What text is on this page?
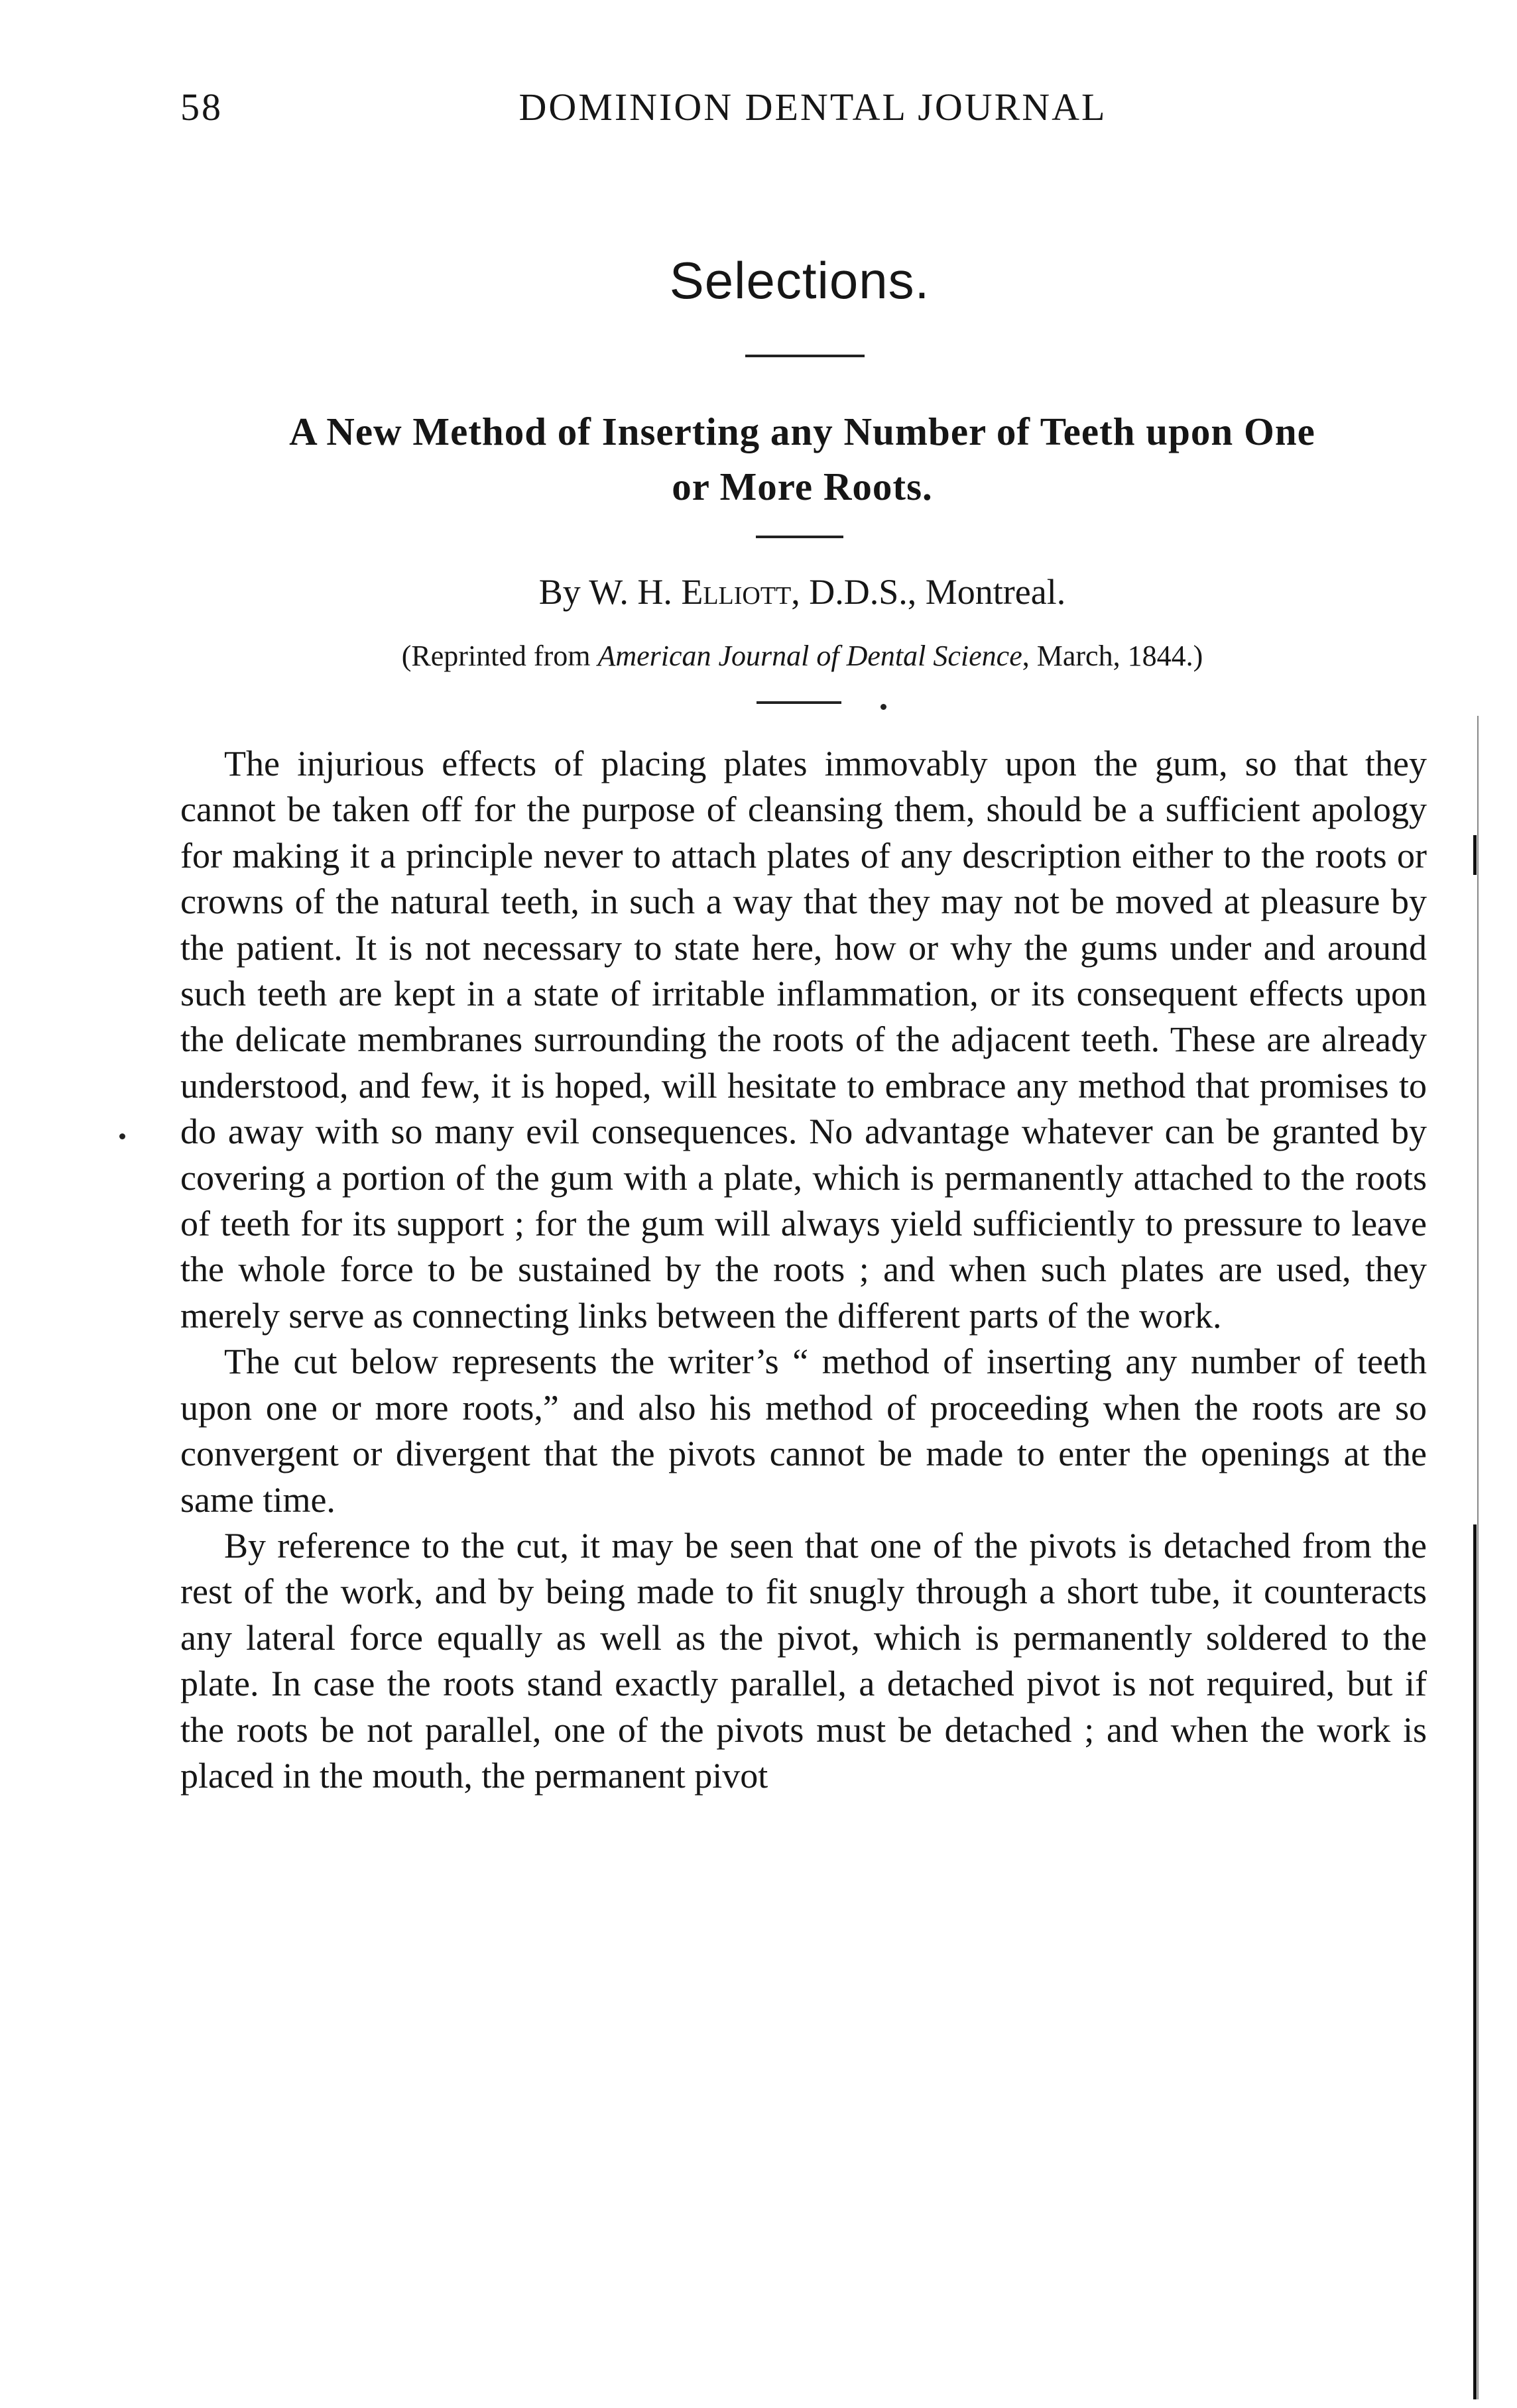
58	DOMINION DENTAL JOURNAL
Selections.
A New Method of Inserting any Number of Teeth upon One
or More Roots.
By W. H. Elliott, D.D.S., Montreal.
(Reprinted from American Journal of Dental Science, March, 1844.)

The injurious effects of placing plates immovably upon the gum, so that they cannot be taken off for the purpose of cleansing them, should be a sufficient apology for making it a principle never to attach plates of any description either to the roots or crowns of the natural teeth, in such a way that they may not be moved at pleasure by the patient. It is not necessary to state here, how or why the gums under and around such teeth are kept in a state of irritable inflammation, or its consequent effects upon the delicate membranes surrounding the roots of the adjacent teeth. These are already understood, and few, it is hoped, will hesitate to embrace any method that promises to do away with so many evil consequences. No advantage whatever can be granted by covering a portion of the gum with a plate, which is permanently attached to the roots of teeth for its support ; for the gum will always yield sufficiently to pressure to leave the whole force to be sustained by the roots ; and when such plates are used, they merely serve as connecting links between the different parts of the work.

The cut below represents the writer’s “ method of inserting any number of teeth upon one or more roots,” and also his method of proceeding when the roots are so convergent or divergent that the pivots cannot be made to enter the openings at the same time.

By reference to the cut, it may be seen that one of the pivots is detached from the rest of the work, and by being made to fit snugly through a short tube, it counteracts any lateral force equally as well as the pivot, which is permanently soldered to the plate. In case the roots stand exactly parallel, a detached pivot is not required, but if the roots be not parallel, one of the pivots must be detached ; and when the work is placed in the mouth, the permanent pivot
